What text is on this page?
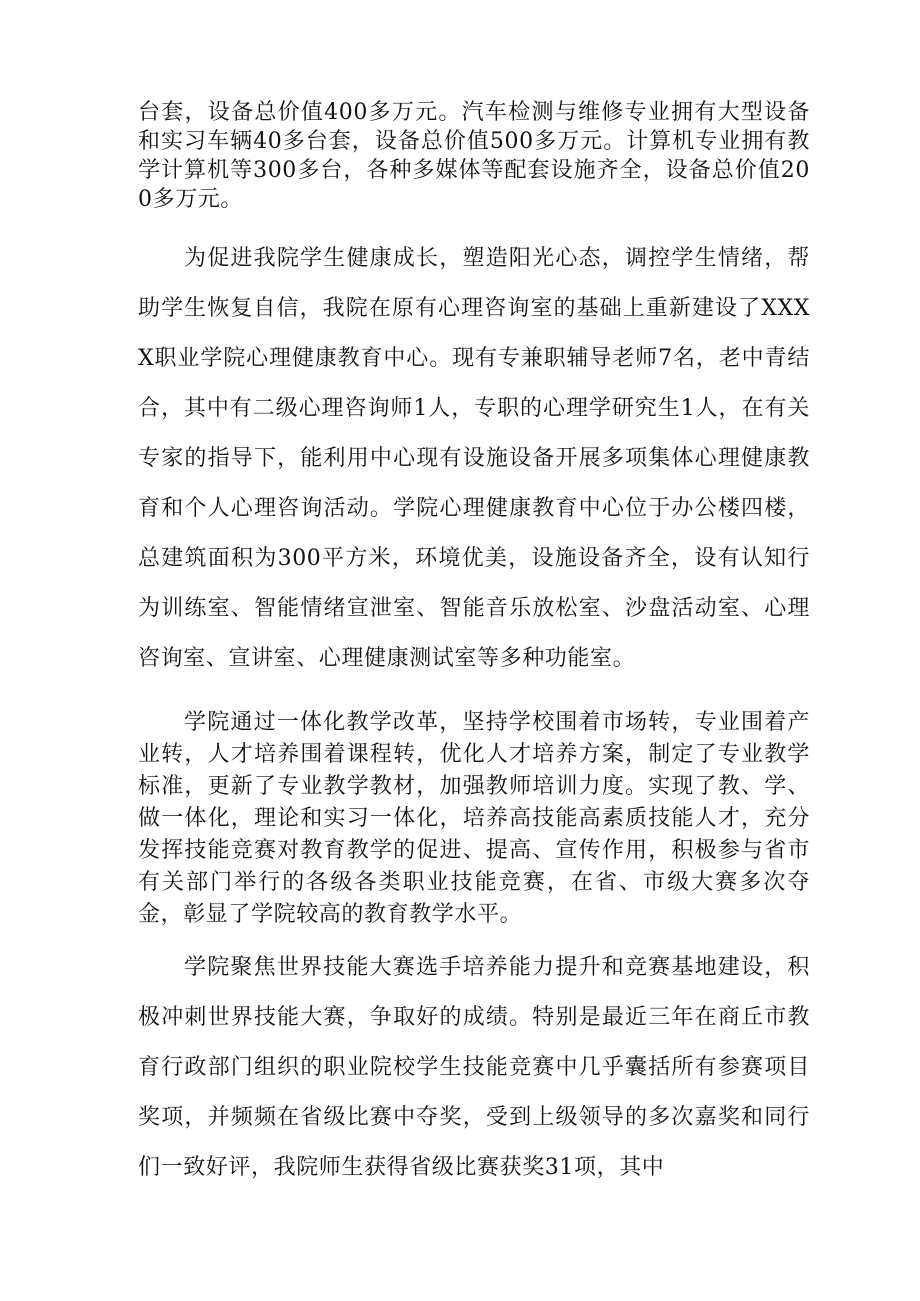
台套，设备总价值400多万元。汽车检测与维修专业拥有大型设备和实习车辆40多台套，设备总价值500多万元。计算机专业拥有教学计算机等300多台，各种多媒体等配套设施齐全，设备总价值200多万元。

为促进我院学生健康成长，塑造阳光心态，调控学生情绪，帮助学生恢复自信，我院在原有心理咨询室的基础上重新建设了XXXX职业学院心理健康教育中心。现有专兼职辅导老师7名，老中青结合，其中有二级心理咨询师1人，专职的心理学研究生1人，在有关专家的指导下，能利用中心现有设施设备开展多项集体心理健康教育和个人心理咨询活动。学院心理健康教育中心位于办公楼四楼，总建筑面积为300平方米，环境优美，设施设备齐全，设有认知行为训练室、智能情绪宣泄室、智能音乐放松室、沙盘活动室、心理咨询室、宣讲室、心理健康测试室等多种功能室。

学院通过一体化教学改革，坚持学校围着市场转，专业围着产业转，人才培养围着课程转，优化人才培养方案，制定了专业教学标准，更新了专业教学教材，加强教师培训力度。实现了教、学、做一体化，理论和实习一体化，培养高技能高素质技能人才，充分发挥技能竞赛对教育教学的促进、提高、宣传作用，积极参与省市有关部门举行的各级各类职业技能竞赛，在省、市级大赛多次夺金，彰显了学院较高的教育教学水平。

学院聚焦世界技能大赛选手培养能力提升和竞赛基地建设，积极冲刺世界技能大赛，争取好的成绩。特别是最近三年在商丘市教育行政部门组织的职业院校学生技能竞赛中几乎囊括所有参赛项目奖项，并频频在省级比赛中夺奖，受到上级领导的多次嘉奖和同行们一致好评，我院师生获得省级比赛获奖31项，其中
